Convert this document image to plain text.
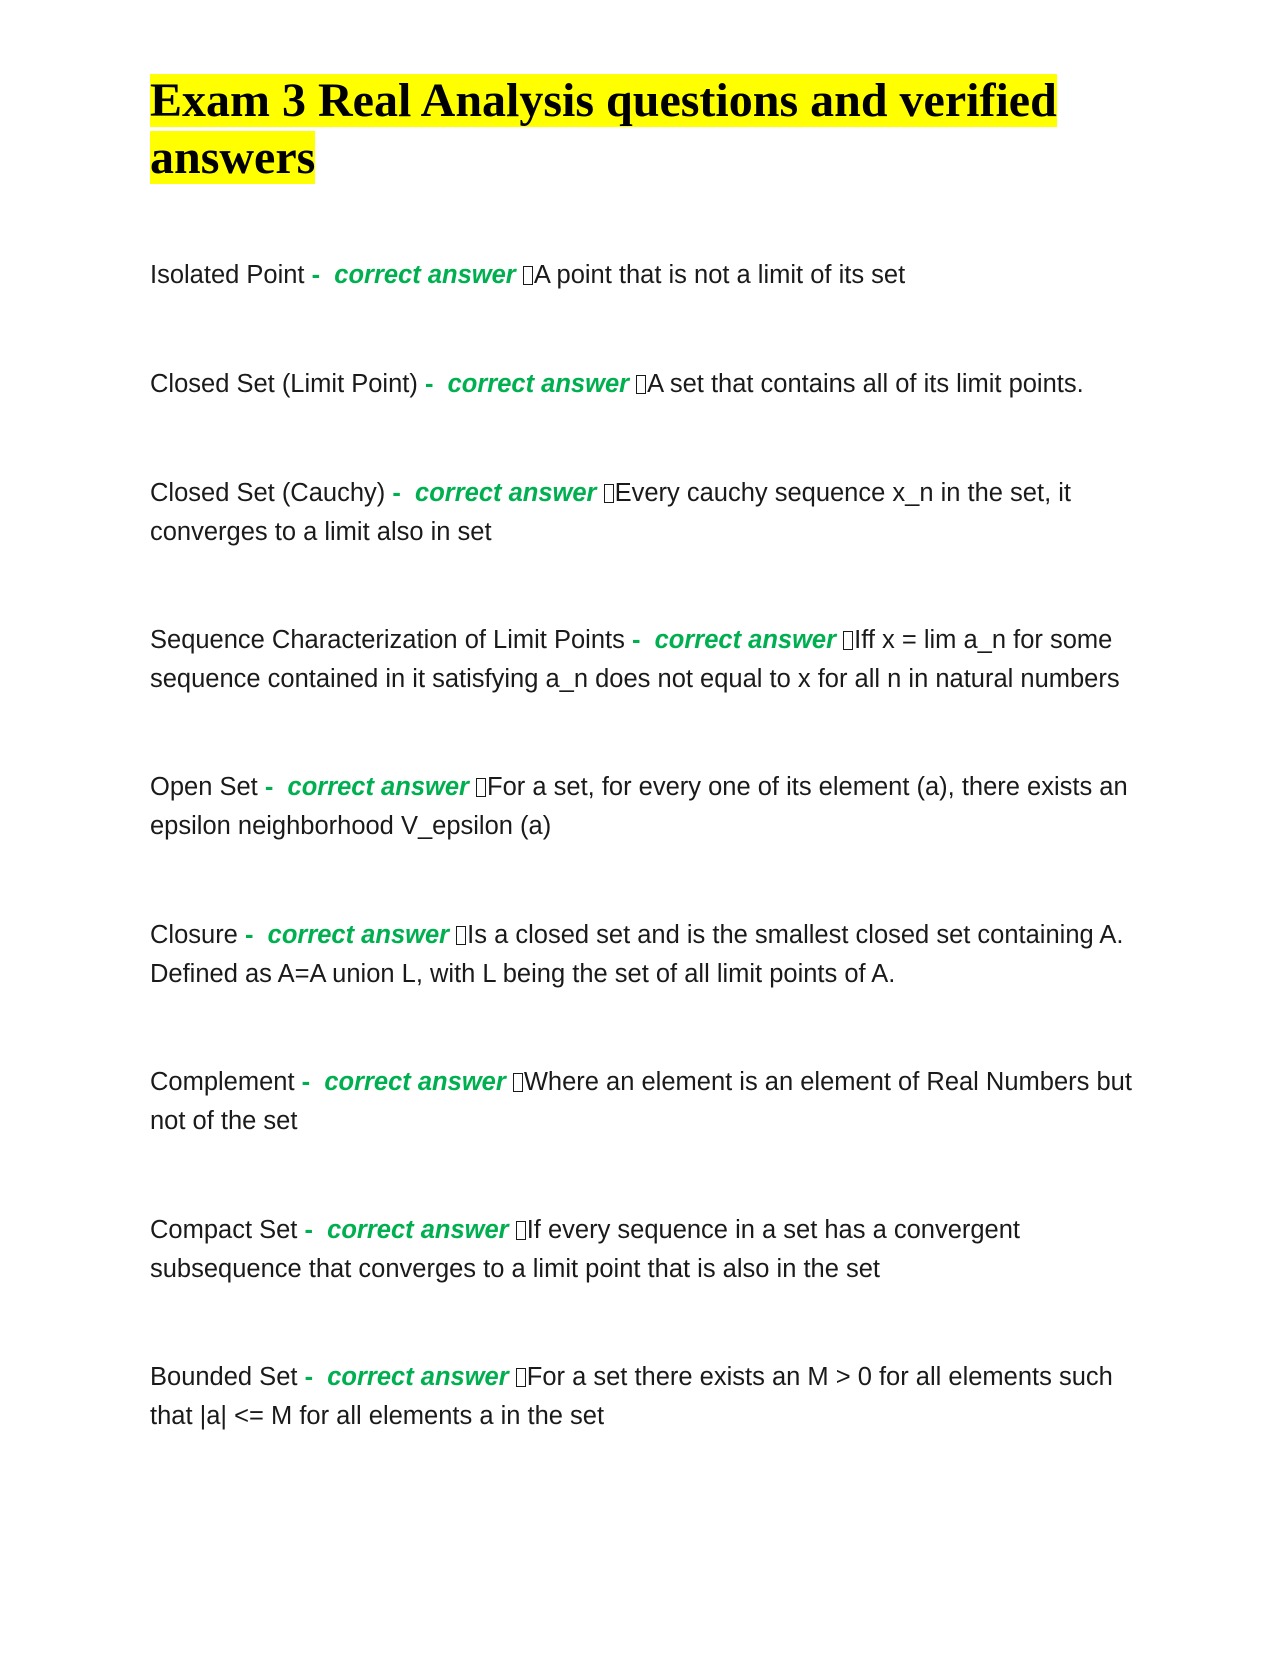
Exam 3 Real Analysis questions and verified answers
Isolated Point - correct answer A point that is not a limit of its set
Closed Set (Limit Point) - correct answer A set that contains all of its limit points.
Closed Set (Cauchy) - correct answer Every cauchy sequence x_n in the set, it converges to a limit also in set
Sequence Characterization of Limit Points - correct answer Iff x = lim a_n for some sequence contained in it satisfying a_n does not equal to x for all n in natural numbers
Open Set - correct answer For a set, for every one of its element (a), there exists an epsilon neighborhood V_epsilon (a)
Closure - correct answer Is a closed set and is the smallest closed set containing A. Defined as A=A union L, with L being the set of all limit points of A.
Complement - correct answer Where an element is an element of Real Numbers but not of the set
Compact Set - correct answer If every sequence in a set has a convergent subsequence that converges to a limit point that is also in the set
Bounded Set - correct answer For a set there exists an M > 0 for all elements such that |a| <= M for all elements a in the set
